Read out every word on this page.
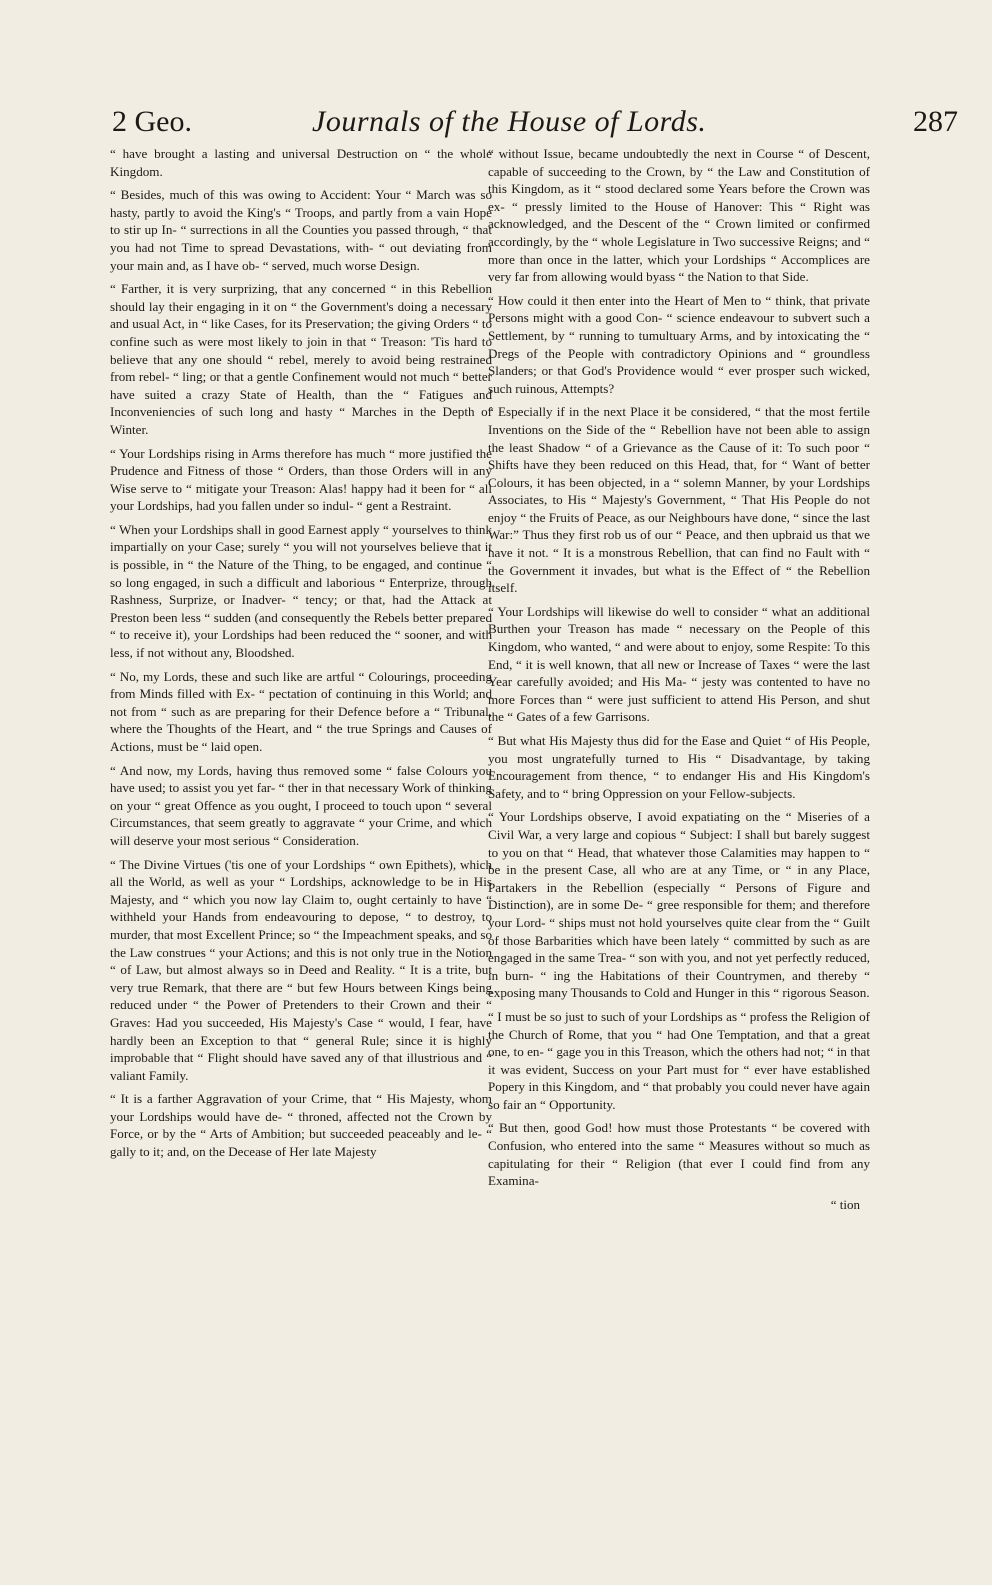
2 Geo.	Journals of the House of Lords.	287

“ have brought a lasting and universal Destruction on “ the whole Kingdom.

“ Besides, much of this was owing to Accident: Your “ March was so hasty, partly to avoid the King's “ Troops, and partly from a vain Hope to stir up In- “ surrections in all the Counties you passed through, “ that you had not Time to spread Devastations, with- “ out deviating from your main and, as I have ob- “ served, much worse Design.

“ Farther, it is very surprizing, that any concerned “ in this Rebellion should lay their engaging in it on “ the Government's doing a necessary and usual Act, in “ like Cases, for its Preservation; the giving Orders “ to confine such as were most likely to join in that “ Treason: 'Tis hard to believe that any one should “ rebel, merely to avoid being restrained from rebel- “ ling; or that a gentle Confinement would not much “ better have suited a crazy State of Health, than the “ Fatigues and Inconveniencies of such long and hasty “ Marches in the Depth of Winter.

“ Your Lordships rising in Arms therefore has much “ more justified the Prudence and Fitness of those “ Orders, than those Orders will in any Wise serve to “ mitigate your Treason: Alas! happy had it been for “ all your Lordships, had you fallen under so indul- “ gent a Restraint.

“ When your Lordships shall in good Earnest apply “ yourselves to think impartially on your Case; surely “ you will not yourselves believe that it is possible, in “ the Nature of the Thing, to be engaged, and continue “ so long engaged, in such a difficult and laborious “ Enterprize, through Rashness, Surprize, or Inadver- “ tency; or that, had the Attack at Preston been less “ sudden (and consequently the Rebels better prepared “ to receive it), your Lordships had been reduced the “ sooner, and with less, if not without any, Bloodshed.

“ No, my Lords, these and such like are artful “ Colourings, proceeding from Minds filled with Ex- “ pectation of continuing in this World; and not from “ such as are preparing for their Defence before a “ Tribunal, where the Thoughts of the Heart, and “ the true Springs and Causes of Actions, must be “ laid open.

“ And now, my Lords, having thus removed some “ false Colours you have used; to assist you yet far- “ ther in that necessary Work of thinking on your “ great Offence as you ought, I proceed to touch upon “ several Circumstances, that seem greatly to aggravate “ your Crime, and which will deserve your most serious “ Consideration.

“ The Divine Virtues ('tis one of your Lordships “ own Epithets), which all the World, as well as your “ Lordships, acknowledge to be in His Majesty, and “ which you now lay Claim to, ought certainly to have “ withheld your Hands from endeavouring to depose, “ to destroy, to murder, that most Excellent Prince; so “ the Impeachment speaks, and so the Law construes “ your Actions; and this is not only true in the Notion “ of Law, but almost always so in Deed and Reality. “ It is a trite, but very true Remark, that there are “ but few Hours between Kings being reduced under “ the Power of Pretenders to their Crown and their “ Graves: Had you succeeded, His Majesty's Case “ would, I fear, have hardly been an Exception to that “ general Rule; since it is highly improbable that “ Flight should have saved any of that illustrious and “ valiant Family.

“ It is a farther Aggravation of your Crime, that “ His Majesty, whom your Lordships would have de- “ throned, affected not the Crown by Force, or by the “ Arts of Ambition; but succeeded peaceably and le- “ gally to it; and, on the Decease of Her late Majesty

“ without Issue, became undoubtedly the next in Course “ of Descent, capable of succeeding to the Crown, by “ the Law and Constitution of this Kingdom, as it “ stood declared some Years before the Crown was ex- “ pressly limited to the House of Hanover: This “ Right was acknowledged, and the Descent of the “ Crown limited or confirmed accordingly, by the “ whole Legislature in Two successive Reigns; and “ more than once in the latter, which your Lordships “ Accomplices are very far from allowing would byass “ the Nation to that Side.

“ How could it then enter into the Heart of Men to “ think, that private Persons might with a good Con- “ science endeavour to subvert such a Settlement, by “ running to tumultuary Arms, and by intoxicating the “ Dregs of the People with contradictory Opinions and “ groundless Slanders; or that God's Providence would “ ever prosper such wicked, such ruinous, Attempts?

“ Especially if in the next Place it be considered, “ that the most fertile Inventions on the Side of the “ Rebellion have not been able to assign the least Shadow “ of a Grievance as the Cause of it: To such poor “ Shifts have they been reduced on this Head, that, for “ Want of better Colours, it has been objected, in a “ solemn Manner, by your Lordships Associates, to His “ Majesty's Government, “ That His People do not enjoy “ the Fruits of Peace, as our Neighbours have done, “ since the last War:” Thus they first rob us of our “ Peace, and then upbraid us that we have it not. “ It is a monstrous Rebellion, that can find no Fault with “ the Government it invades, but what is the Effect of “ the Rebellion itself.

“ Your Lordships will likewise do well to consider “ what an additional Burthen your Treason has made “ necessary on the People of this Kingdom, who wanted, “ and were about to enjoy, some Respite: To this End, “ it is well known, that all new or Increase of Taxes “ were the last Year carefully avoided; and His Ma- “ jesty was contented to have no more Forces than “ were just sufficient to attend His Person, and shut the “ Gates of a few Garrisons.

“ But what His Majesty thus did for the Ease and Quiet “ of His People, you most ungratefully turned to His “ Disadvantage, by taking Encouragement from thence, “ to endanger His and His Kingdom's Safety, and to “ bring Oppression on your Fellow-subjects.

“ Your Lordships observe, I avoid expatiating on the “ Miseries of a Civil War, a very large and copious “ Subject: I shall but barely suggest to you on that “ Head, that whatever those Calamities may happen to “ be in the present Case, all who are at any Time, or “ in any Place, Partakers in the Rebellion (especially “ Persons of Figure and Distinction), are in some De- “ gree responsible for them; and therefore your Lord- “ ships must not hold yourselves quite clear from the “ Guilt of those Barbarities which have been lately “ committed by such as are engaged in the same Trea- “ son with you, and not yet perfectly reduced, in burn- “ ing the Habitations of their Countrymen, and thereby “ exposing many Thousands to Cold and Hunger in this “ rigorous Season.

“ I must be so just to such of your Lordships as “ profess the Religion of the Church of Rome, that you “ had One Temptation, and that a great one, to en- “ gage you in this Treason, which the others had not; “ in that it was evident, Success on your Part must for “ ever have established Popery in this Kingdom, and “ that probably you could never have again so fair an “ Opportunity.

“ But then, good God! how must those Protestants “ be covered with Confusion, who entered into the same “ Measures without so much as capitulating for their “ Religion (that ever I could find from any Examina-

“ tion
